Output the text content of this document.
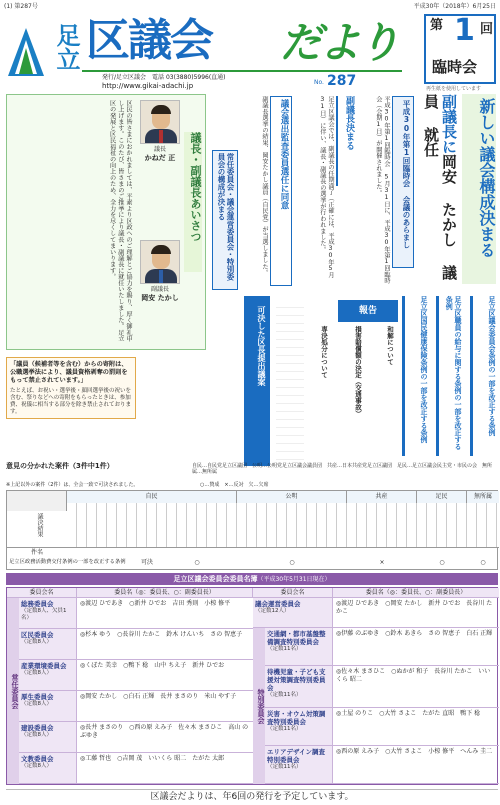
(1) 第287号	平成30年（2018年）6月25日
足立 区議会 だより
発行/足立区議会　 電話 03(3880)5996(直通)
http://www.gikai-adachi.jp	No. 287
第 1 回
臨時会
再生紙を使用しています
新しい議会構成決まる
副議長に岡安 たかし 議員 就任
平成30年第1回臨時会 会議のあらまし
平成30年第1回臨時会 5月31日に、平成30年第1回臨時会（会期1日）が開催されました。
副議長決まる
足立区議会では、副議長の任期満了（正確には、平成30年5月31日）に伴い、議長・副議長の選挙が行われました。
議会選出監査委員選任に同意
副議長選挙の結果、岡安たかし議員（自民党）が当選しました。
常任委員会・議会運営委員会・特別委員会の構成が決まる
足立区議会委員会条例の一部を改正する条例
足立区職員の給与に関する条例の一部を改正する条例
足立区国民健康保険条例の一部を改正する条例
可決した区長提出議案	報告
和解について
損害賠償額の決定（交通事故）
専決処分について
議長・副議長あいさつ
議長
かねだ 正
副議長
岡安 たかし
区民の皆さまにおかれましては、平素より区政へのご理解とご協力を賜り、厚く御礼申し上げます。このたび、皆さまのご推挙により議長・副議長に就任いたしました。足立区の発展と区民福祉の向上のため、全力を尽くしてまいります。
「議員（候補者等を含む）からの寄附は、公職選挙法により、議員資格剥奪の罰則をもって禁止されています。」
たとえば、お祝い・選挙後・顔回選挙後の祝いを含む、祭りなどへの寄附をもらったときは、参加費、祝儀に相当する部分を除き禁止されております。
意見の分かれた案件（3件中1件）	自民…自民党足立区議団　公明…公明党足立区議会議員団　共産…日本共産党足立区議団　足民…足立区議会民主党・市民の会　無所属…無所属
※上記以外の案件（2件）は、全会一致で可決されました。	○…賛成　×…反対　欠…欠席
自民	公明	共産	足民	無所属
議決結果
件名
足立区政務活動費交付条例の一部を改正する条例	可決	○	○	×	○	○
足立区議会委員会委員名簿（平成30年5月31日現在）
委員会名	委員名（◎：委員長、○：副委員長）	委員会名	委員名（◎：委員長、○：副委員長）
常任委員会	特別委員会
総務委員会
（定数8人、欠員1名）
◎渡辺 ひであき　○新井 ひでお　吉田 秀則　小椋 修平
区民委員会
（定数8人）
◎杉本 ゆう　○長谷川 たかこ　鈴木 けんいち　さの 智恵子
産業環境委員会
（定数8人）
◎くぼた 美幸　○鴨下 稔　山中 ちえ子　新井 ひでお
厚生委員会
（定数8人）
◎岡安 たかし　○白石 正輝　長井 まさのり　米山 やす子
建設委員会
（定数8人）
◎長井 まさのり　○西の原 えみ子　佐々木 まさひこ　高山 のぶゆき
文教委員会
（定数8人）
◎工藤 哲也　○吉岡 茂　いいくら 昭二　たがた 太郎
議会運営委員会
（定数12人）
◎渡辺 ひであき　○岡安 たかし　新井 ひでお　長谷川 たかこ
交通網・都市基盤整備調査特別委員会
（定数11名）
◎伊藤 のぶゆき　○鈴木 あきら　さの 智恵子　白石 正輝
待機児童・子ども支援対策調査特別委員会
（定数11名）
◎佐々木 まさひこ　○ぬかが 和子　長谷川 たかこ　いいくら 昭二
災害・オウム対策調査特別委員会
（定数11名）
◎土屋 のりこ　○大竹 さよこ　たがた 直昭　鴨下 稔
エリアデザイン調査特別委員会
（定数11名）
◎西の原 えみ子　○大竹 さよこ　小椋 修平　へんみ 圭二
区議会だよりは、年6回の発行を予定しています。
